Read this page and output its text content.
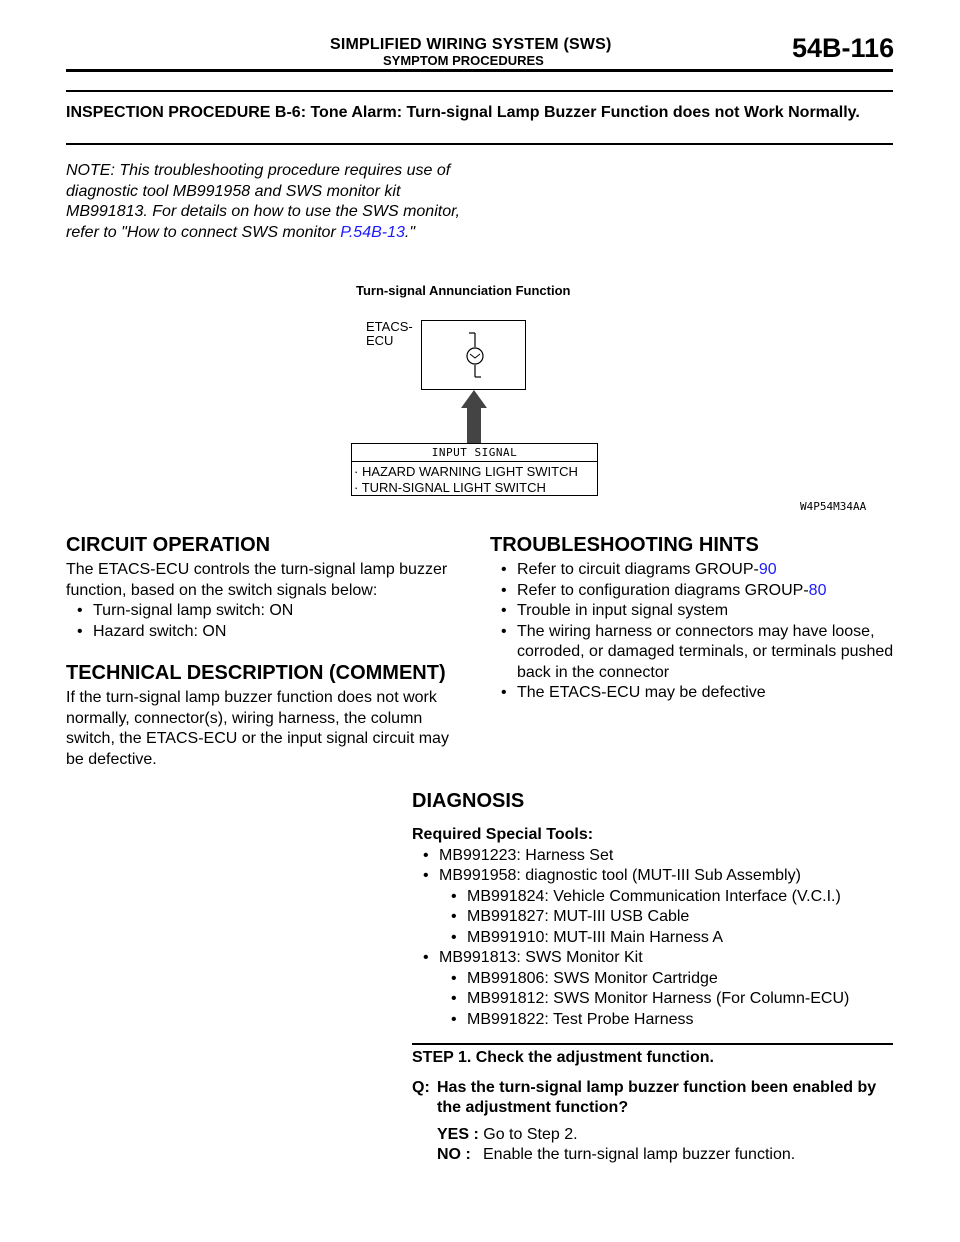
SIMPLIFIED WIRING SYSTEM (SWS)
SYMPTOM PROCEDURES	54B-116
INSPECTION PROCEDURE B-6: Tone Alarm: Turn-signal Lamp Buzzer Function does not Work Normally.
NOTE: This troubleshooting procedure requires use of diagnostic tool MB991958 and SWS monitor kit MB991813. For details on how to use the SWS monitor, refer to "How to connect SWS monitor P.54B-13."
Turn-signal Annunciation Function
ETACS-
ECU
INPUT SIGNAL
· HAZARD WARNING LIGHT SWITCH
· TURN-SIGNAL LIGHT SWITCH
W4P54M34AA
CIRCUIT OPERATION
The ETACS-ECU controls the turn-signal lamp buzzer function, based on the switch signals below:
• Turn-signal lamp switch: ON
• Hazard switch: ON
TECHNICAL DESCRIPTION (COMMENT)
If the turn-signal lamp buzzer function does not work normally, connector(s), wiring harness, the column switch, the ETACS-ECU or the input signal circuit may be defective.
TROUBLESHOOTING HINTS
• Refer to circuit diagrams GROUP-90
• Refer to configuration diagrams GROUP-80
• Trouble in input signal system
• The wiring harness or connectors may have loose, corroded, or damaged terminals, or terminals pushed back in the connector
• The ETACS-ECU may be defective
DIAGNOSIS
Required Special Tools:
• MB991223: Harness Set
• MB991958: diagnostic tool (MUT-III Sub Assembly)
• MB991824: Vehicle Communication Interface (V.C.I.)
• MB991827: MUT-III USB Cable
• MB991910: MUT-III Main Harness A
• MB991813: SWS Monitor Kit
• MB991806: SWS Monitor Cartridge
• MB991812: SWS Monitor Harness (For Column-ECU)
• MB991822: Test Probe Harness
STEP 1. Check the adjustment function.
Q: Has the turn-signal lamp buzzer function been enabled by the adjustment function?
YES : Go to Step 2.
NO : Enable the turn-signal lamp buzzer function.
